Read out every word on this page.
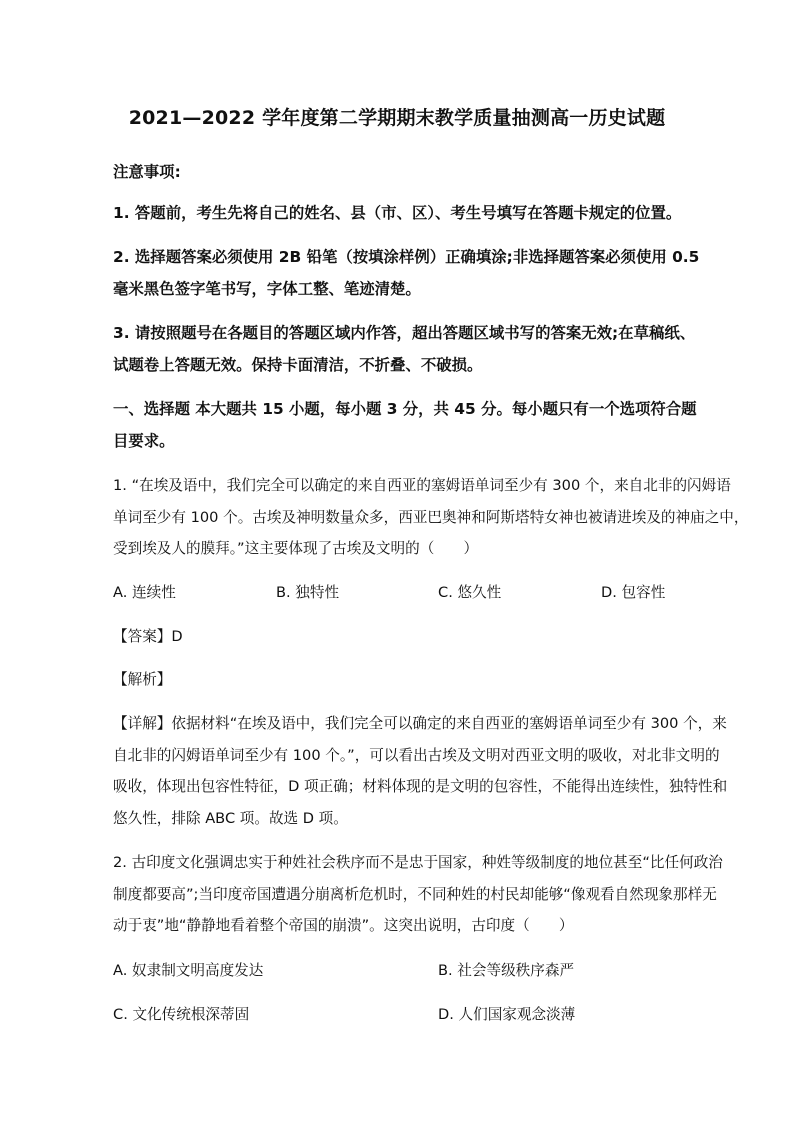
2021—2022 学年度第二学期期末教学质量抽测高一历史试题
注意事项:
1. 答题前，考生先将自己的姓名、县（市、区）、考生号填写在答题卡规定的位置。
2. 选择题答案必须使用 2B 铅笔（按填涂样例）正确填涂;非选择题答案必须使用 0.5
毫米黑色签字笔书写，字体工整、笔迹清楚。
3. 请按照题号在各题目的答题区域内作答，超出答题区域书写的答案无效;在草稿纸、
试题卷上答题无效。保持卡面清洁，不折叠、不破损。
一、选择题 本大题共 15 小题，每小题 3 分，共 45 分。每小题只有一个选项符合题
目要求。
1. “在埃及语中，我们完全可以确定的来自西亚的塞姆语单词至少有 300 个，来自北非的闪姆语
单词至少有 100 个。古埃及神明数量众多，西亚巴奥神和阿斯塔特女神也被请进埃及的神庙之中，
受到埃及人的膜拜。”这主要体现了古埃及文明的（　　）
A. 连续性	B. 独特性	C. 悠久性	D. 包容性
【答案】D
【解析】
【详解】依据材料“在埃及语中，我们完全可以确定的来自西亚的塞姆语单词至少有 300 个，来
自北非的闪姆语单词至少有 100 个。”，可以看出古埃及文明对西亚文明的吸收，对北非文明的
吸收，体现出包容性特征，D 项正确；材料体现的是文明的包容性，不能得出连续性，独特性和
悠久性，排除 ABC 项。故选 D 项。
2. 古印度文化强调忠实于种姓社会秩序而不是忠于国家，种姓等级制度的地位甚至“比任何政治
制度都要高”;当印度帝国遭遇分崩离析危机时，不同种姓的村民却能够“像观看自然现象那样无
动于衷”地“静静地看着整个帝国的崩溃”。这突出说明，古印度（　　）
A. 奴隶制文明高度发达	B. 社会等级秩序森严
C. 文化传统根深蒂固	D. 人们国家观念淡薄
